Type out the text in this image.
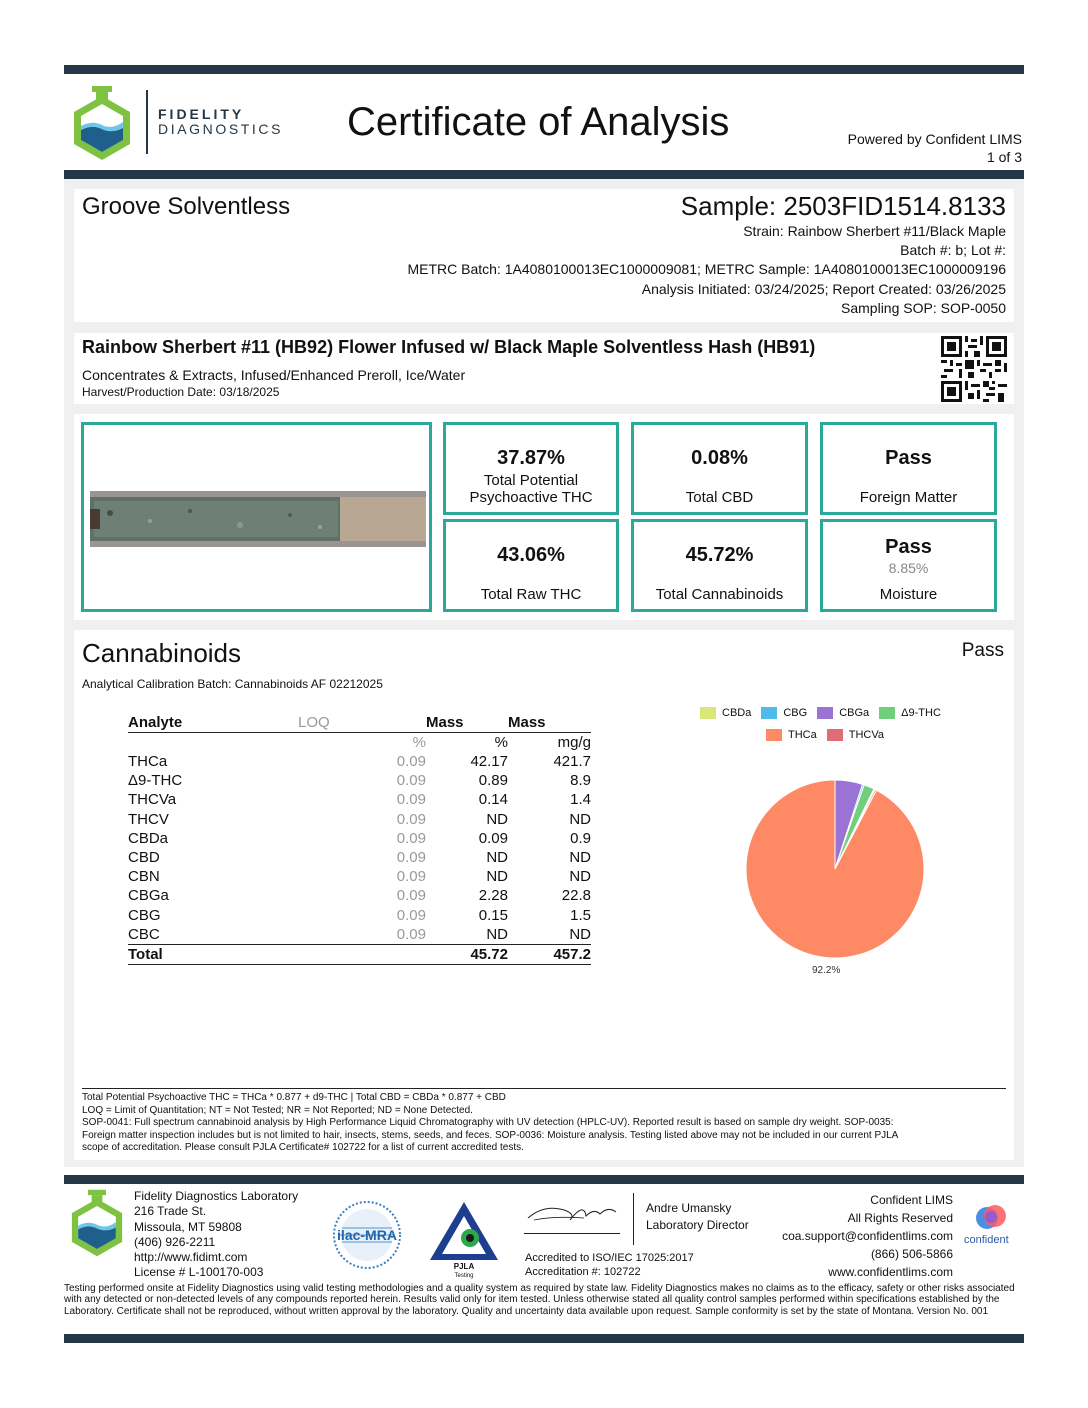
FIDELITY
DIAGNOSTICS Certificate of Analysis	Powered by Confident LIMS
1 of 3
Groove Solventless	Sample: 2503FID1514.8133
Strain: Rainbow Sherbert #11/Black Maple
Batch #: b; Lot #:
METRC Batch: 1A4080100013EC1000009081; METRC Sample: 1A4080100013EC1000009196
Analysis Initiated: 03/24/2025; Report Created: 03/26/2025
Sampling SOP: SOP-0050
Rainbow Sherbert #11 (HB92) Flower Infused w/ Black Maple Solventless Hash (HB91)
Concentrates & Extracts, Infused/Enhanced Preroll, Ice/Water
Harvest/Production Date: 03/18/2025
37.87%
Total Potential Psychoactive THC
0.08%
Total CBD
Pass
Foreign Matter
43.06%
Total Raw THC
45.72%
Total Cannabinoids
Pass
8.85%
Moisture
Cannabinoids	Pass
Analytical Calibration Batch: Cannabinoids AF 02212025
Analyte	LOQ	Mass	Mass
	%	%	mg/g
THCa	0.09	42.17	421.7
Δ9-THC	0.09	0.89	8.9
THCVa	0.09	0.14	1.4
THCV	0.09	ND	ND
CBDa	0.09	0.09	0.9
CBD	0.09	ND	ND
CBN	0.09	ND	ND
CBGa	0.09	2.28	22.8
CBG	0.09	0.15	1.5
CBC	0.09	ND	ND
Total		45.72	457.2
CBDa	CBG	CBGa	Δ9-THC
THCa	THCVa
92.2%
Total Potential Psychoactive THC = THCa * 0.877 + d9-THC | Total CBD = CBDa * 0.877 + CBD
LOQ = Limit of Quantitation; NT = Not Tested; NR = Not Reported; ND = None Detected.
SOP-0041: Full spectrum cannabinoid analysis by High Performance Liquid Chromatography with UV detection (HPLC-UV). Reported result is based on sample dry weight. SOP-0035:
Foreign matter inspection includes but is not limited to hair, insects, stems, seeds, and feces. SOP-0036: Moisture analysis. Testing listed above may not be included in our current PJLA
scope of accreditation. Please consult PJLA Certificate# 102722 for a list of current accredited tests.
Fidelity Diagnostics Laboratory
216 Trade St.
Missoula, MT 59808
(406) 926-2211
http://www.fidimt.com
License # L-100170-003
ilac-MRA
PJLA
Testing
Andre Umansky
Laboratory Director
Accredited to ISO/IEC 17025:2017
Accreditation #: 102722
Confident LIMS
All Rights Reserved
coa.support@confidentlims.com
(866) 506-5866
www.confidentlims.com
confident
Testing performed onsite at Fidelity Diagnostics using valid testing methodologies and a quality system as required by state law. Fidelity Diagnostics makes no claims as to the efficacy, safety or other risks associated with any detected or non-detected levels of any compounds reported herein. Results valid only for item tested. Unless otherwise stated all quality control samples performed within specifications established by the Laboratory. Certificate shall not be reproduced, without written approval by the laboratory. Quality and uncertainty data available upon request. Sample conformity is set by the state of Montana. Version No. 001
